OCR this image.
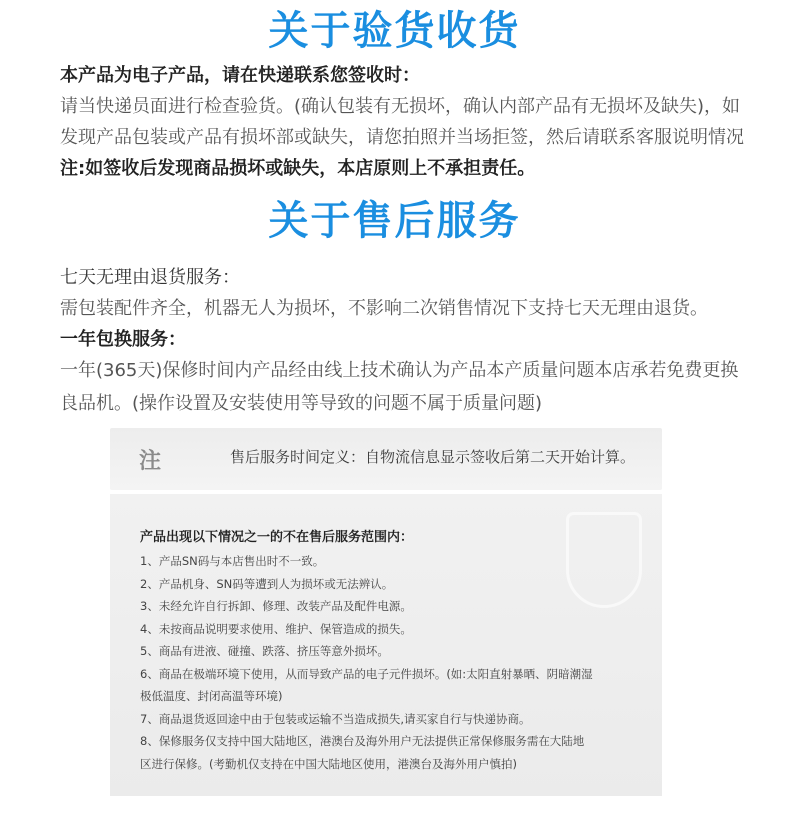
关于验货收货
本产品为电子产品，请在快递联系您签收时：
请当快递员面进行检查验货。(确认包装有无损坏，确认内部产品有无损坏及缺失)，如
发现产品包装或产品有损坏部或缺失，请您拍照并当场拒签，然后请联系客服说明情况
注:如签收后发现商品损坏或缺失，本店原则上不承担责任。
关于售后服务
七天无理由退货服务：
需包装配件齐全，机器无人为损坏，不影响二次销售情况下支持七天无理由退货。
一年包换服务：
一年(365天)保修时间内产品经由线上技术确认为产品本产质量问题本店承若免费更换
良品机。(操作设置及安装使用等导致的问题不属于质量问题)
注	售后服务时间定义：自物流信息显示签收后第二天开始计算。
产品出现以下情况之一的不在售后服务范围内：
1、产品SN码与本店售出时不一致。
2、产品机身、SN码等遭到人为损坏或无法辨认。
3、未经允许自行拆卸、修理、改装产品及配件电源。
4、未按商品说明要求使用、维护、保管造成的损失。
5、商品有进液、碰撞、跌落、挤压等意外损坏。
6、商品在极端环境下使用，从而导致产品的电子元件损坏。(如:太阳直射暴晒、阴暗潮湿
极低温度、封闭高温等环境)
7、商品退货返回途中由于包装或运输不当造成损失,请买家自行与快递协商。
8、保修服务仅支持中国大陆地区，港澳台及海外用户无法提供正常保修服务需在大陆地
区进行保修。(考勤机仅支持在中国大陆地区使用，港澳台及海外用户慎拍)
